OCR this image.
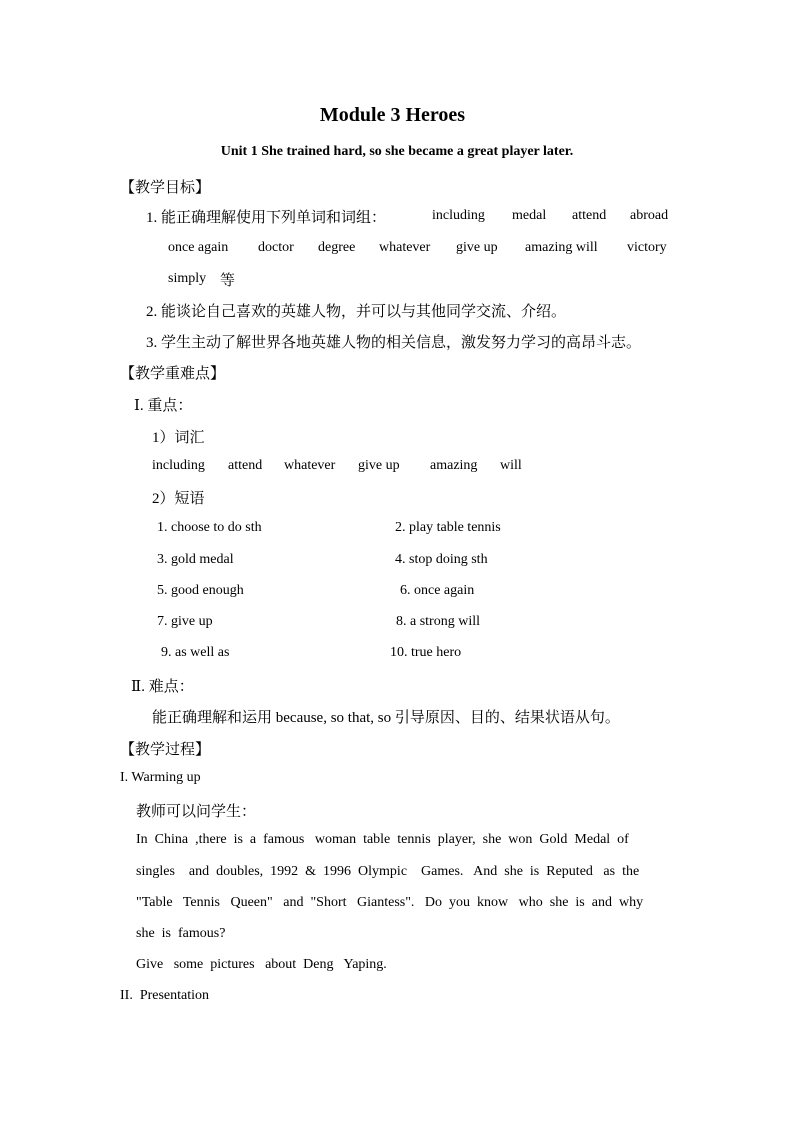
Module 3 Heroes
Unit 1 She trained hard, so she became a great player later.
【教学目标】
1. 能正确理解使用下列单词和词组：	including medal attend abroad
once again doctor degree whatever give up amazing will victory
simply 等
2. 能谈论自己喜欢的英雄人物，并可以与其他同学交流、介绍。
3. 学生主动了解世界各地英雄人物的相关信息，激发努力学习的高昂斗志。
【教学重难点】
Ⅰ. 重点：
1）词汇
including attend whatever give up amazing will
2）短语
1. choose to do sth	2. play table tennis
3. gold medal	4. stop doing sth
5. good enough	6. once again
7. give up	8. a strong will
9. as well as	10. true hero
Ⅱ. 难点：
能正确理解和运用 because, so that, so 引导原因、目的、结果状语从句。
【教学过程】
I. Warming up
教师可以问学生：
In  China  ,there  is  a  famous   woman  table  tennis  player,  she  won  Gold  Medal  of
singles    and  doubles,  1992  &  1996  Olympic    Games.   And  she  is  Reputed   as  the
"Table   Tennis   Queen"   and  "Short   Giantess".   Do  you  know   who  she  is  and  why
she  is  famous?
Give   some  pictures   about  Deng   Yaping.
II.  Presentation
